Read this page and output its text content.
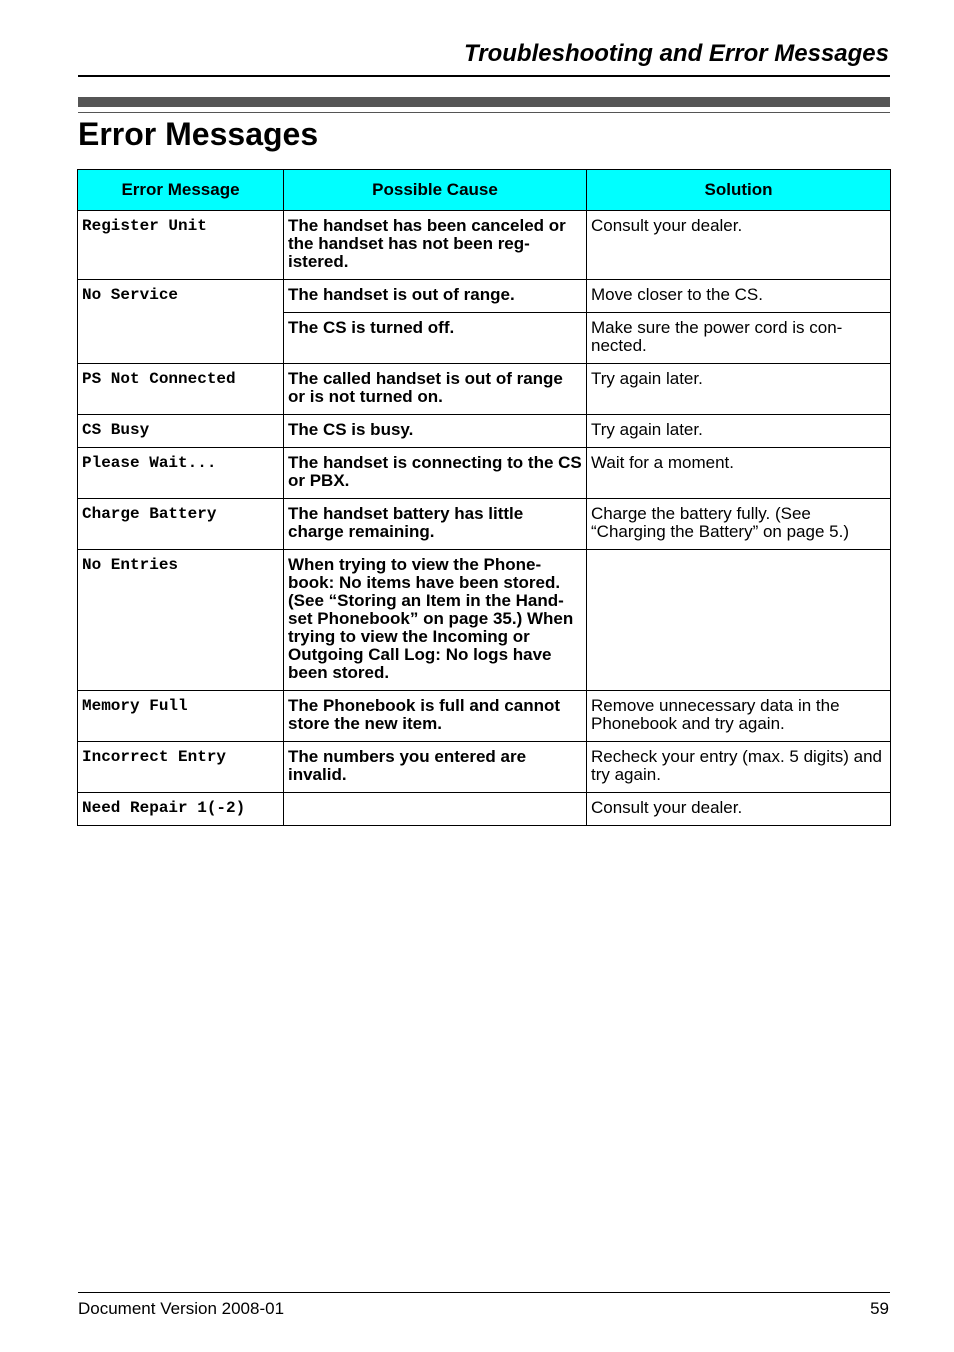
Troubleshooting and Error Messages
Error Messages
Error Message	Possible Cause	Solution
Register Unit	The handset has been canceled or the handset has not been reg-istered.	Consult your dealer.
No Service	The handset is out of range.	Move closer to the CS.
	The CS is turned off.	Make sure the power cord is con-nected.
PS Not Connected	The called handset is out of range or is not turned on.	Try again later.
CS Busy	The CS is busy.	Try again later.
Please Wait...	The handset is connecting to the CS or PBX.	Wait for a moment.
Charge Battery	The handset battery has little charge remaining.	Charge the battery fully. (See “Charging the Battery” on page 5.)
No Entries	When trying to view the Phone-book: No items have been stored. (See “Storing an Item in the Hand-set Phonebook” on page 35.) When trying to view the Incoming or Outgoing Call Log: No logs have been stored.	
Memory Full	The Phonebook is full and cannot store the new item.	Remove unnecessary data in the Phonebook and try again.
Incorrect Entry	The numbers you entered are invalid.	Recheck your entry (max. 5 digits) and try again.
Need Repair 1(-2)		Consult your dealer.
Document Version 2008-01	59
